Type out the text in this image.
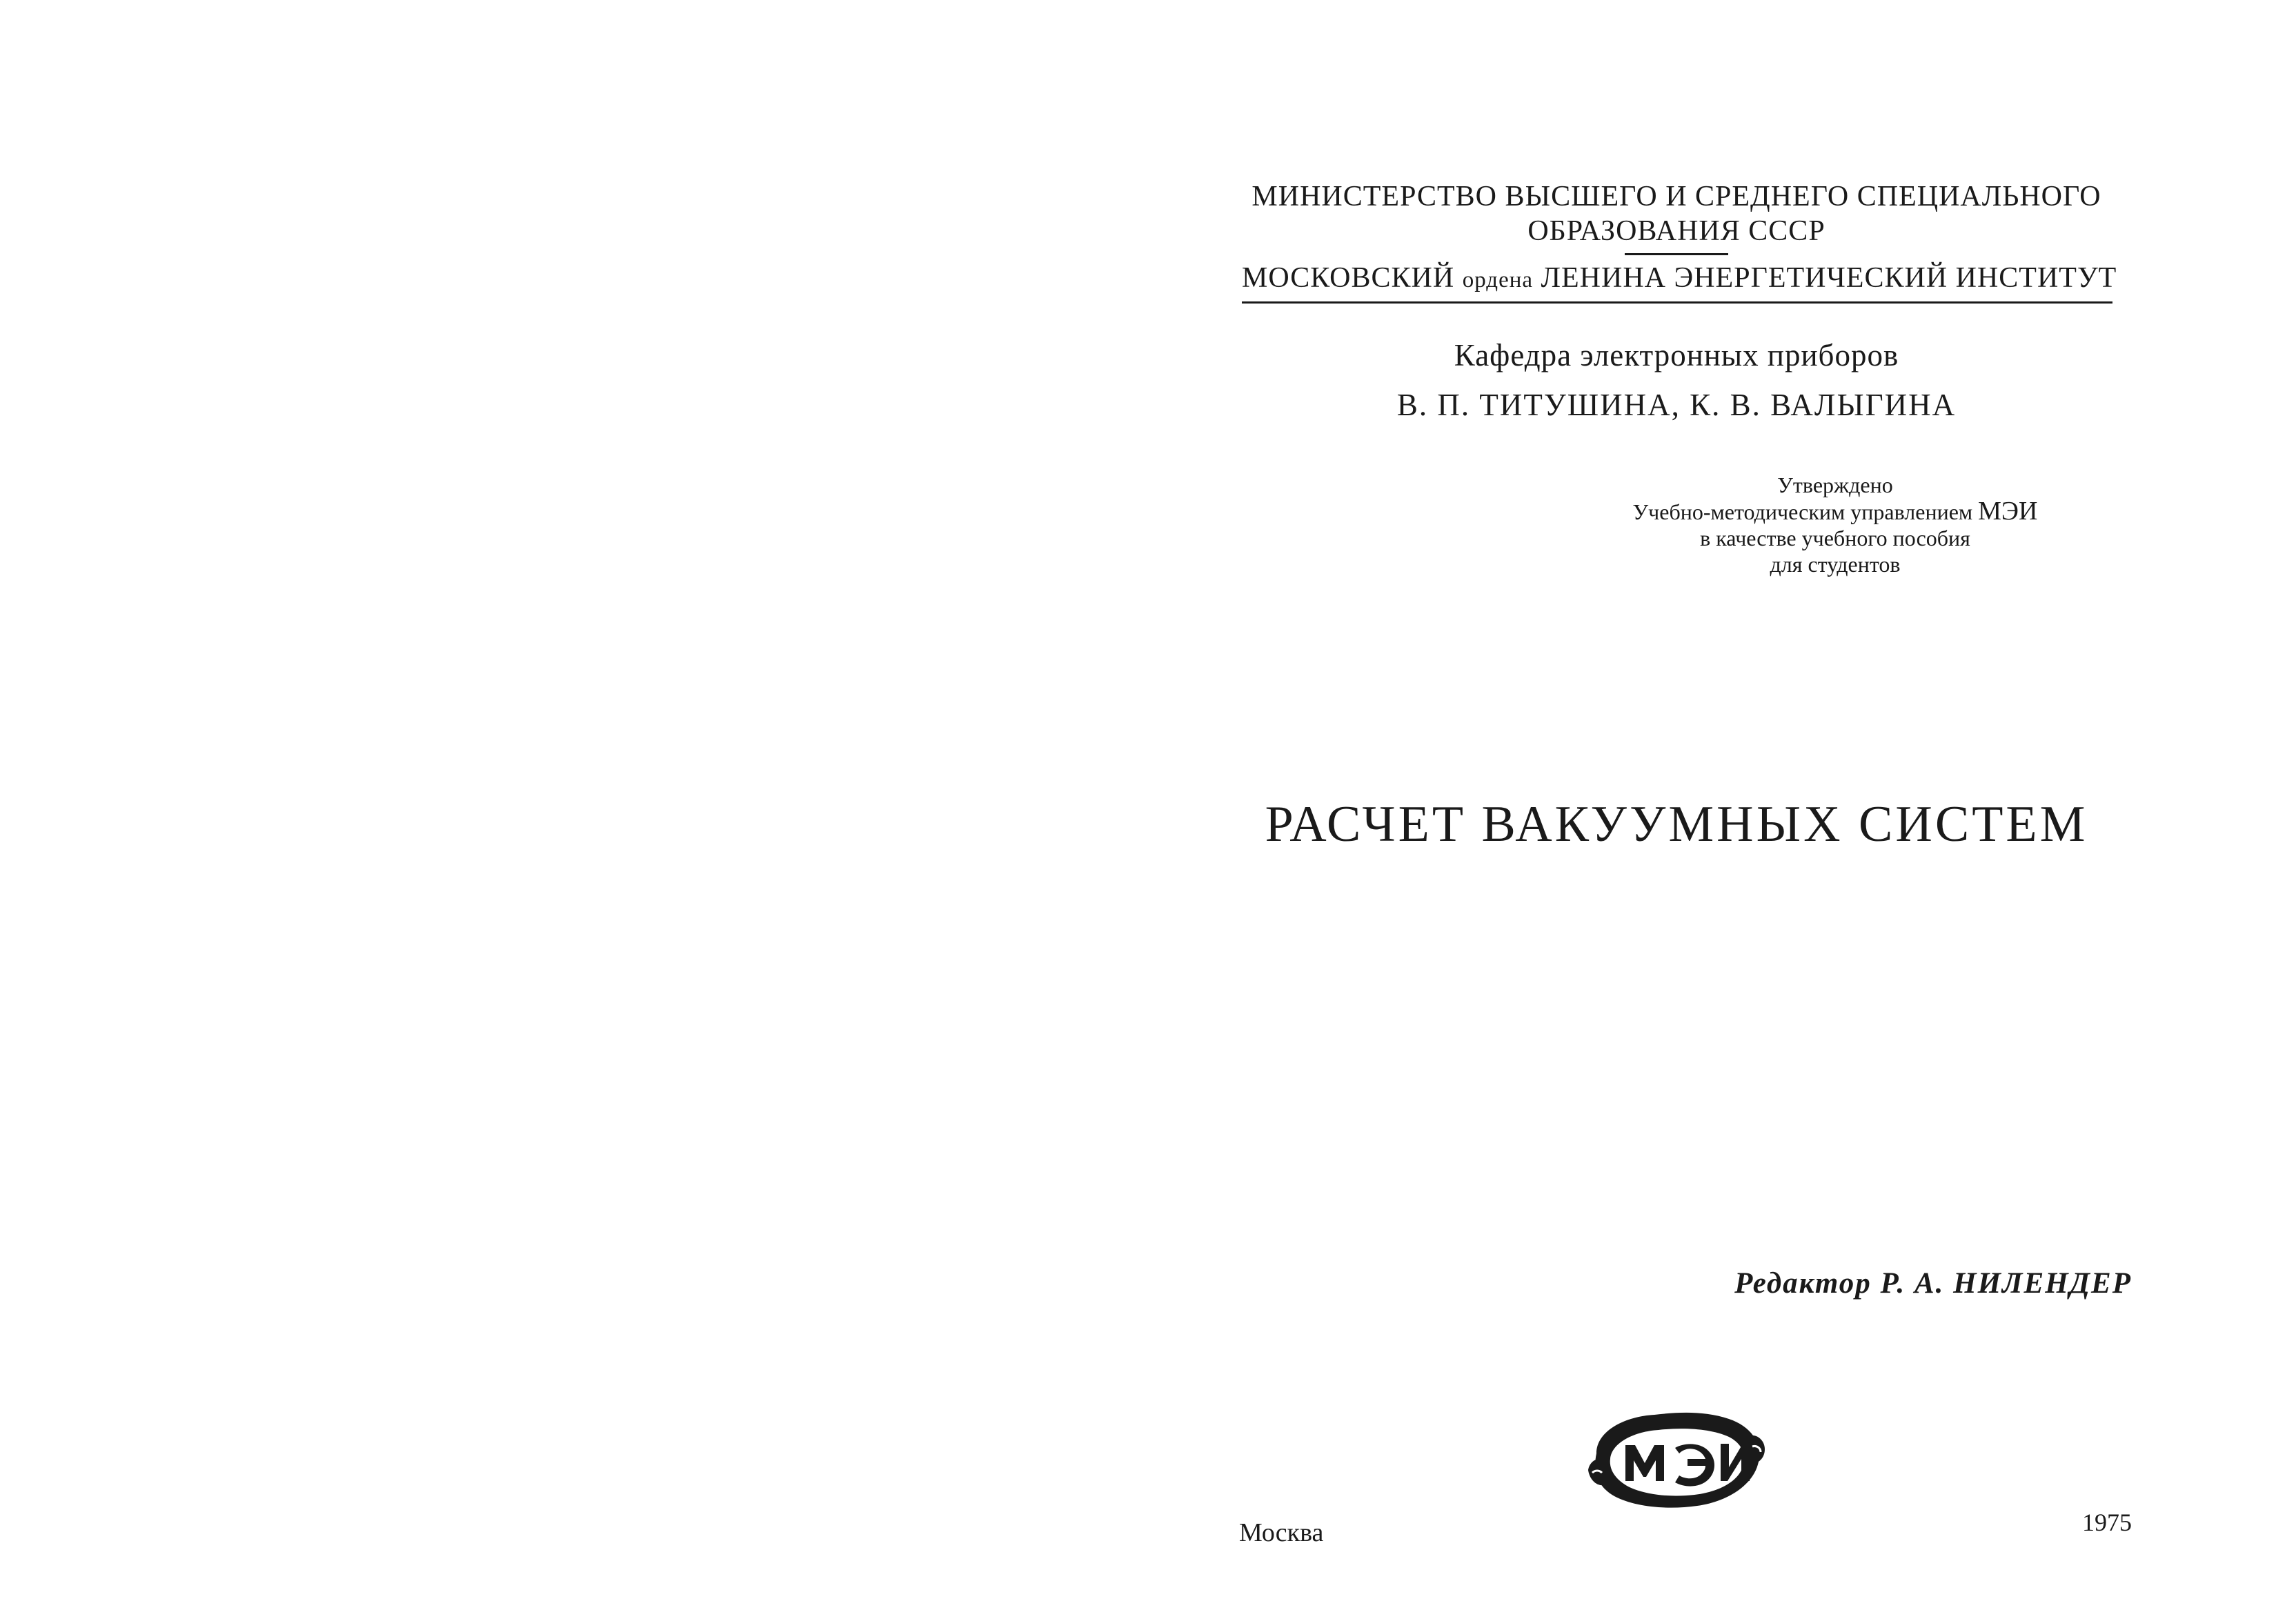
МИНИСТЕРСТВО ВЫСШЕГО И СРЕДНЕГО СПЕЦИАЛЬНОГО
ОБРАЗОВАНИЯ СССР
МОСКОВСКИЙ ордена ЛЕНИНА ЭНЕРГЕТИЧЕСКИЙ ИНСТИТУТ
Кафедра электронных приборов
В. П. ТИТУШИНА, К. В. ВАЛЫГИНА
Утверждено
Учебно-методическим управлением МЭИ
в качестве учебного пособия
для студентов
РАСЧЕТ ВАКУУМНЫХ СИСТЕМ
Редактор Р. А. НИЛЕНДЕР
Москва	1975
